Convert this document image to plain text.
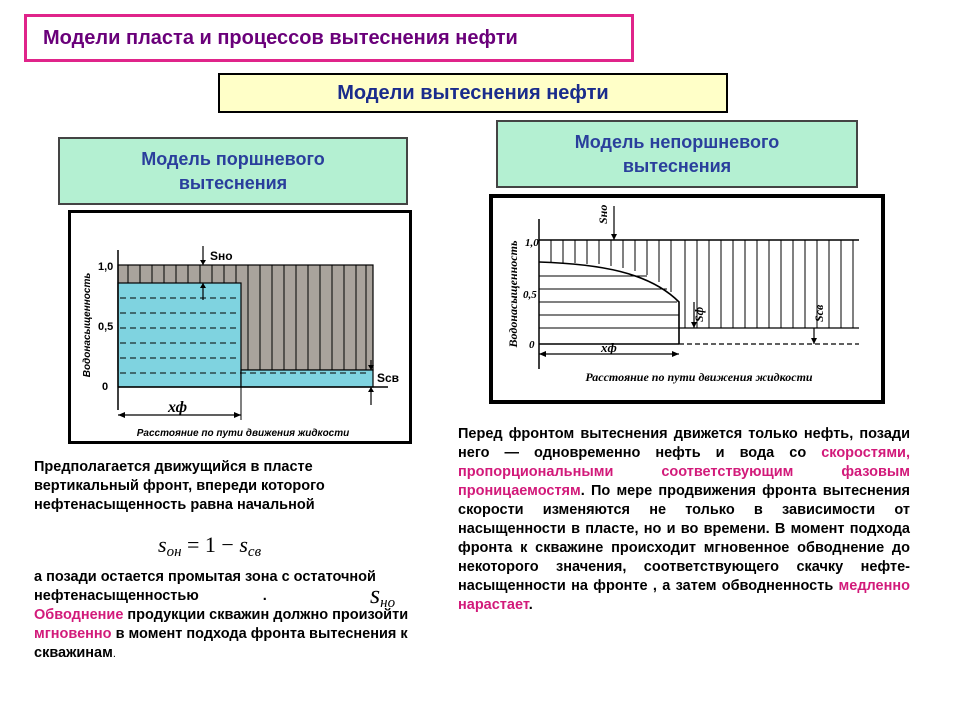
Модели пласта и процессов вытеснения нефти
Модели вытеснения нефти
Модель поршневого вытеснения
Модель непоршневого вытеснения
Водонасыщенность
1,0
0,5
0
Sно
Sсв
хф
Расстояние по пути движения жидкости
Водонасыщенность 1,0
0,5
0
Sно
Sф	Sсв
xф
Расстояние по пути движения жидкости
Предполагается движущийся в пласте вертикальный фронт, впереди которого нефтенасыщенность равна начальной
$s_{он} = 1 - s_{св}$
а позади остается промытая зона с остаточной нефтенасыщенностью	.
Обводнение продукции скважин должно произойти мгновенно в момент подхода фронта вытеснения к скважинам.
$s_{но}$
Перед фронтом вытеснения движется только нефть, позади него — одновременно нефть и вода со скоростями, пропорциональными соответствующим фазовым проницаемостям. По мере продвижения фронта вытеснения скорости изменяются не только в зависимости от насыщенности в пласте, но и во времени. В момент подхода фронта к скважине происходит мгновенное обводнение до некоторого значения, соответствующего скачку нефте-насыщенности на фронте , а затем обводненность медленно нарастает.
